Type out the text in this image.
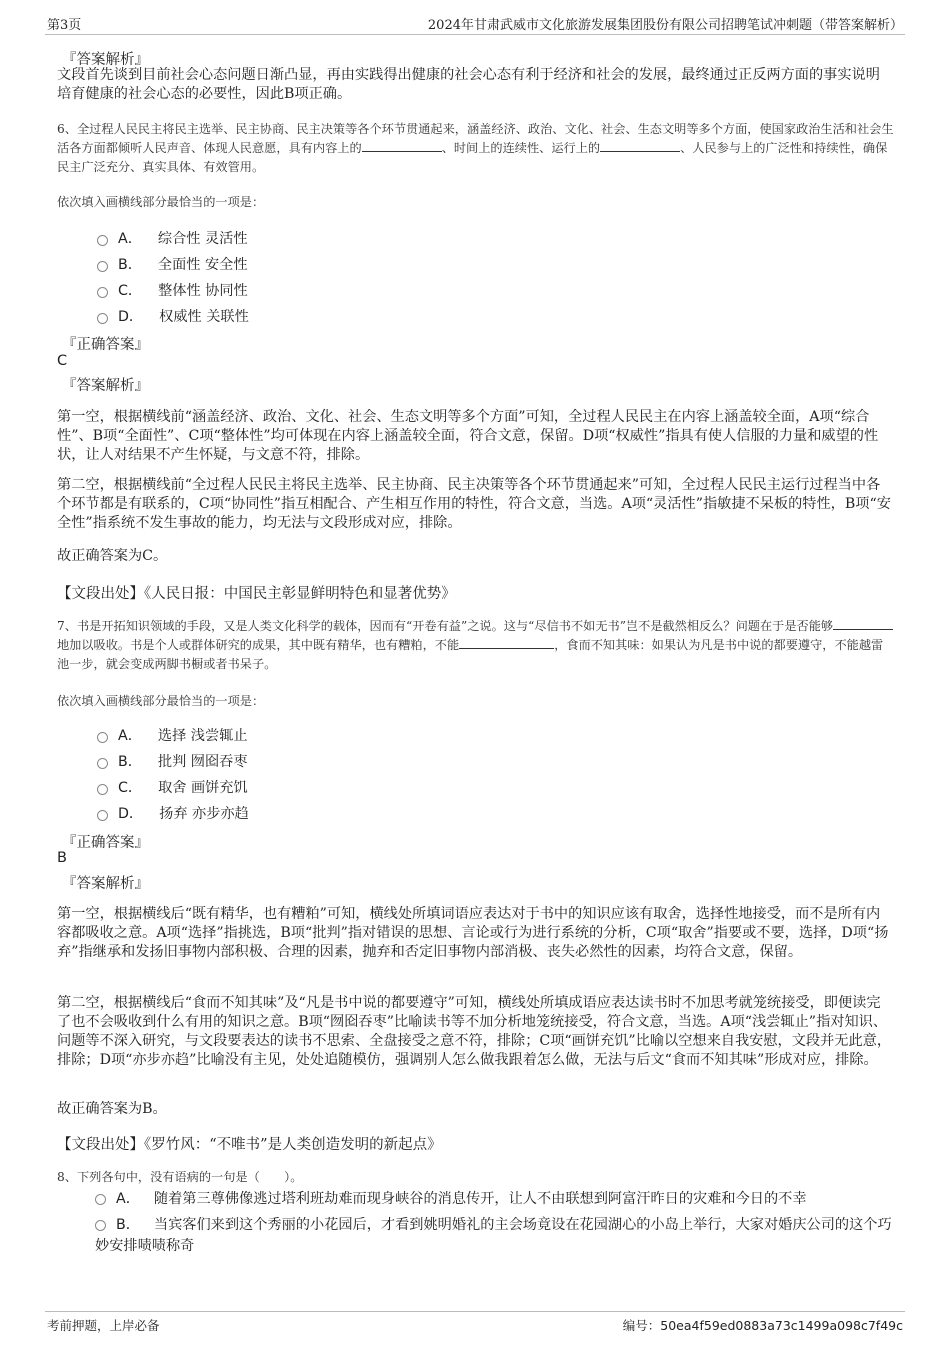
第3页	2024年甘肃武威市文化旅游发展集团股份有限公司招聘笔试冲刺题（带答案解析）
『答案解析』
文段首先谈到目前社会心态问题日渐凸显，再由实践得出健康的社会心态有利于经济和社会的发展，最终通过正反两方面的事实说明培育健康的社会心态的必要性，因此B项正确。
6、全过程人民民主将民主选举、民主协商、民主决策等各个环节贯通起来，涵盖经济、政治、文化、社会、生态文明等多个方面，使国家政治生活和社会生活各方面都倾听人民声音、体现人民意愿，具有内容上的	、时间上的连续性、运行上的	、人民参与上的广泛性和持续性，确保民主广泛充分、真实具体、有效管用。
依次填入画横线部分最恰当的一项是：
A． 综合性 灵活性
B． 全面性 安全性
C． 整体性 协同性
D． 权威性 关联性
『正确答案』
C
『答案解析』
第一空，根据横线前“涵盖经济、政治、文化、社会、生态文明等多个方面”可知，全过程人民民主在内容上涵盖较全面，A项“综合性”、B项“全面性”、C项“整体性”均可体现在内容上涵盖较全面，符合文意，保留。D项“权威性”指具有使人信服的力量和威望的性状，让人对结果不产生怀疑，与文意不符，排除。
第二空，根据横线前“全过程人民民主将民主选举、民主协商、民主决策等各个环节贯通起来”可知，全过程人民民主运行过程当中各个环节都是有联系的，C项“协同性”指互相配合、产生相互作用的特性，符合文意，当选。A项“灵活性”指敏捷不呆板的特性，B项“安全性”指系统不发生事故的能力，均无法与文段形成对应，排除。
故正确答案为C。
【文段出处】《人民日报：中国民主彰显鲜明特色和显著优势》
7、书是开拓知识领域的手段，又是人类文化科学的载体，因而有“开卷有益”之说。这与“尽信书不如无书”岂不是截然相反么？问题在于是否能够地加以吸收。书是个人或群体研究的成果，其中既有精华，也有糟粕，不能	，食而不知其味：如果认为凡是书中说的都要遵守，不能越雷池一步，就会变成两脚书橱或者书呆子。
依次填入画横线部分最恰当的一项是：
A． 选择 浅尝辄止
B． 批判 囫囵吞枣
C． 取舍 画饼充饥
D． 扬弃 亦步亦趋
『正确答案』
B
『答案解析』
第一空，根据横线后“既有精华，也有糟粕”可知，横线处所填词语应表达对于书中的知识应该有取舍，选择性地接受，而不是所有内容都吸收之意。A项“选择”指挑选，B项“批判”指对错误的思想、言论或行为进行系统的分析，C项“取舍”指要或不要，选择，D项“扬弃”指继承和发扬旧事物内部积极、合理的因素，抛弃和否定旧事物内部消极、丧失必然性的因素，均符合文意，保留。
第二空，根据横线后“食而不知其味”及“凡是书中说的都要遵守”可知，横线处所填成语应表达读书时不加思考就笼统接受，即便读完了也不会吸收到什么有用的知识之意。B项“囫囵吞枣”比喻读书等不加分析地笼统接受，符合文意，当选。A项“浅尝辄止”指对知识、问题等不深入研究，与文段要表达的读书不思索、全盘接受之意不符，排除；C项“画饼充饥”比喻以空想来自我安慰，文段并无此意，排除；D项“亦步亦趋”比喻没有主见，处处追随模仿，强调别人怎么做我跟着怎么做，无法与后文“食而不知其味”形成对应，排除。
故正确答案为B。
【文段出处】《罗竹风：“不唯书”是人类创造发明的新起点》
8、下列各句中，没有语病的一句是（　　）。
A． 随着第三尊佛像逃过塔利班劫难而现身峡谷的消息传开，让人不由联想到阿富汗昨日的灾难和今日的不幸
B． 当宾客们来到这个秀丽的小花园后，才看到姚明婚礼的主会场竟设在花园湖心的小岛上举行，大家对婚庆公司的这个巧妙安排啧啧称奇
考前押题，上岸必备	编号：50ea4f59ed0883a73c1499a098c7f49c
